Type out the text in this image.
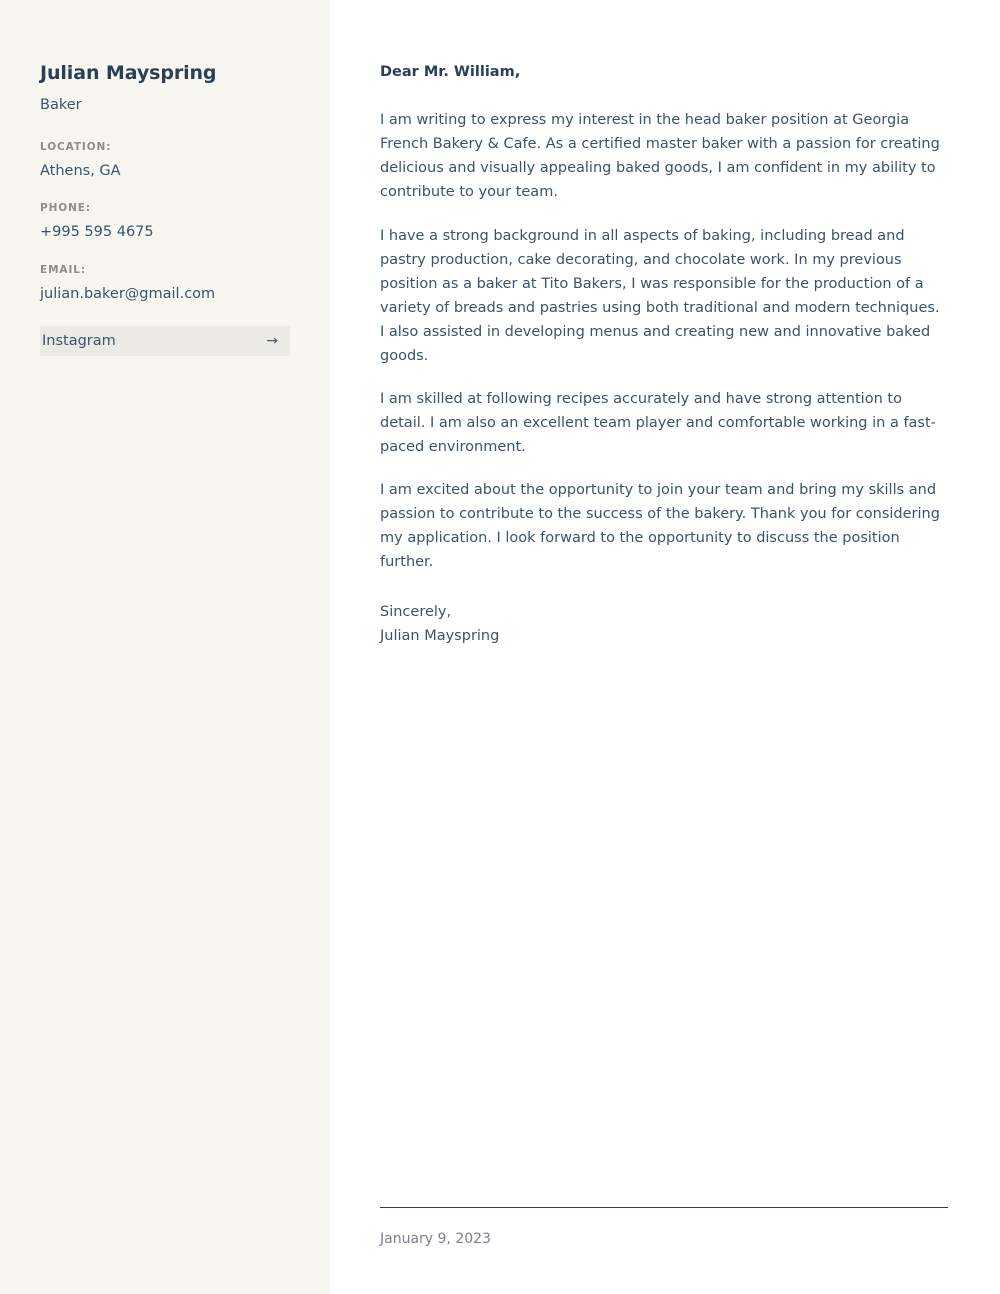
Julian Mayspring

Baker

LOCATION:

Athens, GA

PHONE:

+995 595 4675

EMAIL:

julian.baker@gmail.com

Instagram	→

Dear Mr. William,

I am writing to express my interest in the head baker position at Georgia French Bakery & Cafe. As a certified master baker with a passion for creating delicious and visually appealing baked goods, I am confident in my ability to contribute to your team.

I have a strong background in all aspects of baking, including bread and pastry production, cake decorating, and chocolate work. In my previous position as a baker at Tito Bakers, I was responsible for the production of a variety of breads and pastries using both traditional and modern techniques. I also assisted in developing menus and creating new and innovative baked goods.

I am skilled at following recipes accurately and have strong attention to detail. I am also an excellent team player and comfortable working in a fast-paced environment.

I am excited about the opportunity to join your team and bring my skills and passion to contribute to the success of the bakery. Thank you for considering my application. I look forward to the opportunity to discuss the position further.

Sincerely,

Julian Mayspring

January 9, 2023
